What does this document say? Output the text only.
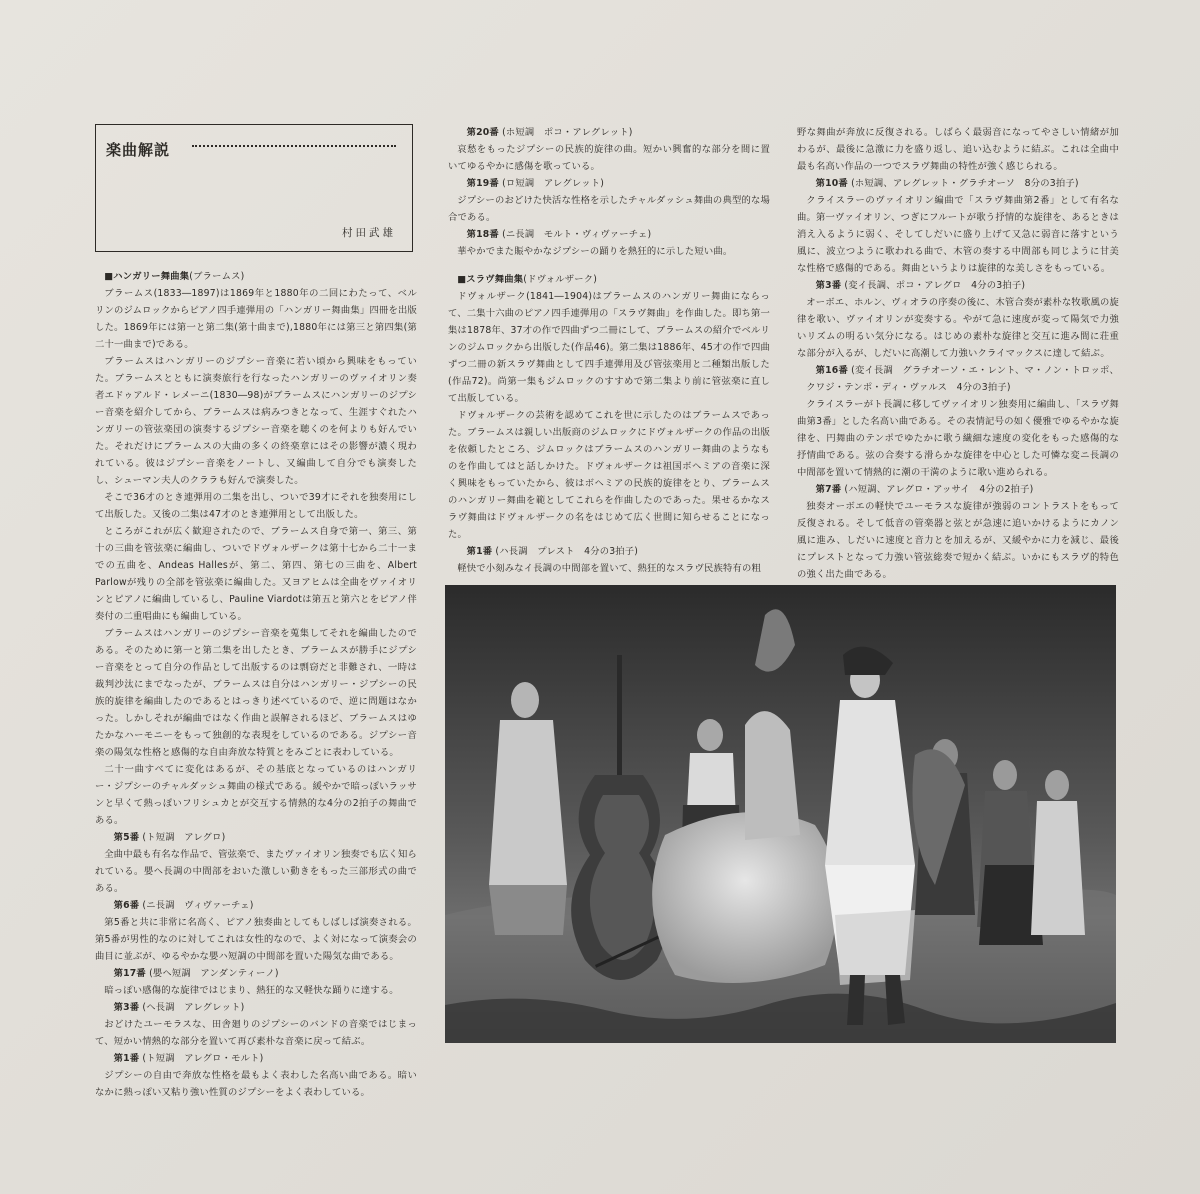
楽曲解説
村田武雄

■ハンガリー舞曲集(ブラームス)

ブラームス(1833―1897)は1869年と1880年の二回にわたって、ベルリンのジムロックからピアノ四手連弾用の「ハンガリー舞曲集」四冊を出版した。1869年には第一と第二集(第十曲まで),1880年には第三と第四集(第二十一曲まで)である。

ブラームスはハンガリーのジプシー音楽に若い頃から興味をもっていた。ブラームスとともに演奏旅行を行なったハンガリーのヴァイオリン奏者エドゥアルド・レメーニ(1830―98)がブラームスにハンガリーのジプシー音楽を紹介してから、ブラームスは病みつきとなって、生涯すぐれたハンガリーの管弦楽団の演奏するジプシー音楽を聴くのを何よりも好んでいた。それだけにブラームスの大曲の多くの終楽章にはその影響が濃く現われている。彼はジプシー音楽をノートし、又編曲して自分でも演奏したし、シューマン夫人のクララも好んで演奏した。

そこで36才のとき連弾用の二集を出し、ついで39才にそれを独奏用にして出版した。又後の二集は47才のとき連弾用として出版した。

ところがこれが広く歓迎されたので、ブラームス自身で第一、第三、第十の三曲を管弦楽に編曲し、ついでドヴォルザークは第十七から二十一までの五曲を、Andeas Hallesが、第二、第四、第七の三曲を、Albert Parlowが残りの全部を管弦楽に編曲した。又ヨアヒムは全曲をヴァイオリンとピアノに編曲しているし、Pauline Viardotは第五と第六とをピアノ伴奏付の二重唱曲にも編曲している。

ブラームスはハンガリーのジプシー音楽を蒐集してそれを編曲したのである。そのために第一と第二集を出したとき、ブラームスが勝手にジプシー音楽をとって自分の作品として出版するのは剽窃だと非難され、一時は裁判沙汰にまでなったが、ブラームスは自分はハンガリー・ジプシーの民族的旋律を編曲したのであるとはっきり述べているので、逆に問題はなかった。しかしそれが編曲ではなく作曲と誤解されるほど、ブラームスはゆたかなハーモニーをもって独創的な表現をしているのである。ジプシー音楽の陽気な性格と感傷的な自由奔放な特質とをみごとに表わしている。

二十一曲すべてに変化はあるが、その基底となっているのはハンガリー・ジプシーのチャルダッシュ舞曲の様式である。緩やかで暗っぽいラッサンと早くて熱っぽいフリシュカとが交互する情熱的な4分の2拍子の舞曲である。

第5番 (ト短調　 アレグロ)

全曲中最も有名な作品で、管弦楽で、またヴァイオリン独奏でも広く知られている。嬰ヘ長調の中間部をおいた激しい動きをもった三部形式の曲である。

第6番 (ニ長調　 ヴィヴァーチェ)

第5番と共に非常に名高く、ピアノ独奏曲としてもしばしば演奏される。第5番が男性的なのに対してこれは女性的なので、よく対になって演奏会の曲目に並ぶが、ゆるやかな嬰ハ短調の中間部を置いた陽気な曲である。

第17番 (嬰ヘ短調　 アンダンティーノ)

暗っぽい感傷的な旋律ではじまり、熱狂的な又軽快な踊りに達する。

第3番 (ヘ長調　 アレグレット)

おどけたユーモラスな、田舎廻りのジプシーのバンドの音楽ではじまって、短かい情熱的な部分を置いて再び素朴な音楽に戻って結ぶ。

第1番 (ト短調　 アレグロ・モルト)

ジプシーの自由で奔放な性格を最もよく表わした名高い曲である。暗いなかに熱っぽい又粘り強い性質のジプシーをよく表わしている。

第20番 (ホ短調　 ポコ・アレグレット)

哀愁をもったジプシーの民族的旋律の曲。短かい興奮的な部分を間に置いてゆるやかに感傷を歌っている。

第19番 (ロ短調　 アレグレット)

ジプシーのおどけた快活な性格を示したチャルダッシュ舞曲の典型的な場合である。

第18番 (ニ長調　 モルト・ヴィヴァーチェ)

華やかでまた賑やかなジプシーの踊りを熱狂的に示した短い曲。

■スラヴ舞曲集(ドヴォルザーク)

ドヴォルザーク(1841―1904)はブラームスのハンガリー舞曲にならって、二集十六曲のピアノ四手連弾用の「スラヴ舞曲」を作曲した。即ち第一集は1878年、37才の作で四曲ずつ二冊にして、ブラームスの紹介でベルリンのジムロックから出版した(作品46)。第二集は1886年、45才の作で四曲ずつ二冊の新スラヴ舞曲として四手連弾用及び管弦楽用と二種類出版した(作品72)。尚第一集もジムロックのすすめで第二集より前に管弦楽に直して出版している。

ドヴォルザークの芸術を認めてこれを世に示したのはブラームスであった。ブラームスは親しい出版商のジムロックにドヴォルザークの作品の出版を依頼したところ、ジムロックはブラームスのハンガリー舞曲のようなものを作曲してはと話しかけた。ドヴォルザークは祖国ボヘミアの音楽に深く興味をもっていたから、彼はボヘミアの民族的旋律をとり、ブラームスのハンガリー舞曲を範としてこれらを作曲したのであった。果せるかなスラヴ舞曲はドヴォルザークの名をはじめて広く世間に知らせることになった。

第1番 (ハ長調　 プレスト　4分の3拍子)

軽快で小刻みなイ長調の中間部を置いて、熱狂的なスラヴ民族特有の粗

野な舞曲が奔放に反復される。しばらく最弱音になってやさしい情緒が加わるが、最後に急激に力を盛り返し、追い込むように結ぶ。これは全曲中最も名高い作品の一つでスラヴ舞曲の特性が強く感じられる。

第10番 (ホ短調、アレグレット・グラチオーソ　 8分の3拍子)

クライスラーのヴァイオリン編曲で「スラヴ舞曲第2番」として有名な曲。第一ヴァイオリン、つぎにフルートが歌う抒情的な旋律を、あるときは消え入るように弱く、そしてしだいに盛り上げて又急に弱音に落すという風に、波立つように歌われる曲で、木管の奏する中間部も同じように甘美な性格で感傷的である。舞曲というよりは旋律的な美しさをもっている。

第3番 (変イ長調、ポコ・アレグロ　 4分の3拍子)

オーボエ、ホルン、ヴィオラの序奏の後に、木管合奏が素朴な牧歌風の旋律を歌い、ヴァイオリンが変奏する。やがて急に速度が変って陽気で力強いリズムの明るい気分になる。はじめの素朴な旋律と交互に進み間に荘重な部分が入るが、しだいに高潮して力強いクライマックスに達して結ぶ。

第16番 (変イ長調　グラチオーソ・エ・レント、マ・ノン・トロッポ、クワジ・テンポ・ディ・ヴァルス　 4分の3拍子)

クライスラーがト長調に移してヴァイオリン独奏用に編曲し、「スラヴ舞曲第3番」とした名高い曲である。その表情記号の如く優雅でゆるやかな旋律を、円舞曲のテンポでゆたかに歌う繊細な速度の変化をもった感傷的な抒情曲である。弦の合奏する滑らかな旋律を中心とした可憐な変ニ長調の中間部を置いて情熱的に潮の干満のように歌い進められる。

第7番 (ハ短調、アレグロ・アッサイ　 4分の2拍子)

独奏オーボエの軽快でユーモラスな旋律が強弱のコントラストをもって反復される。そして低音の管楽器と弦とが急速に追いかけるようにカノン風に進み、しだいに速度と音力とを加えるが、又緩やかに力を減じ、最後にプレストとなって力強い管弦総奏で短かく結ぶ。いかにもスラヴ的特色の強く出た曲である。
